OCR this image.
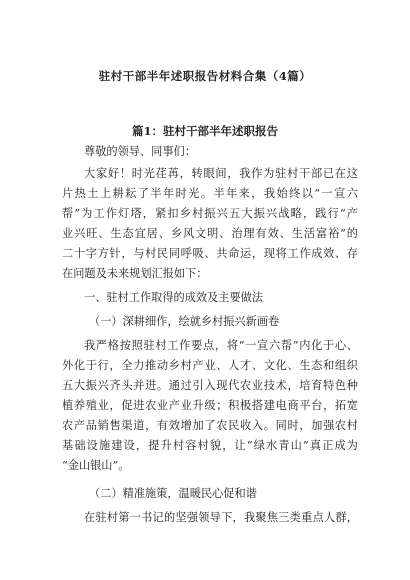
驻村干部半年述职报告材料合集（4篇）
篇1：驻村干部半年述职报告
尊敬的领导、同事们：
大家好！时光荏苒，转眼间，我作为驻村干部已在这
片热土上耕耘了半年时光。半年来，我始终以“一宣六
帮”为工作灯塔，紧扣乡村振兴五大振兴战略，践行“产
业兴旺、生态宜居、乡风文明、治理有效、生活富裕”的
二十字方针，与村民同呼吸、共命运，现将工作成效、存
在问题及未来规划汇报如下：
一、驻村工作取得的成效及主要做法
（一）深耕细作，绘就乡村振兴新画卷
我严格按照驻村工作要点，将“一宣六帮”内化于心、
外化于行，全力推动乡村产业、人才、文化、生态和组织
五大振兴齐头并进。通过引入现代农业技术，培育特色种
植养殖业，促进农业产业升级；积极搭建电商平台，拓宽
农产品销售渠道，有效增加了农民收入。同时，加强农村
基础设施建设，提升村容村貌，让“绿水青山”真正成为
“金山银山”。
（二）精准施策，温暖民心促和谐
在驻村第一书记的坚强领导下，我聚焦三类重点人群，
